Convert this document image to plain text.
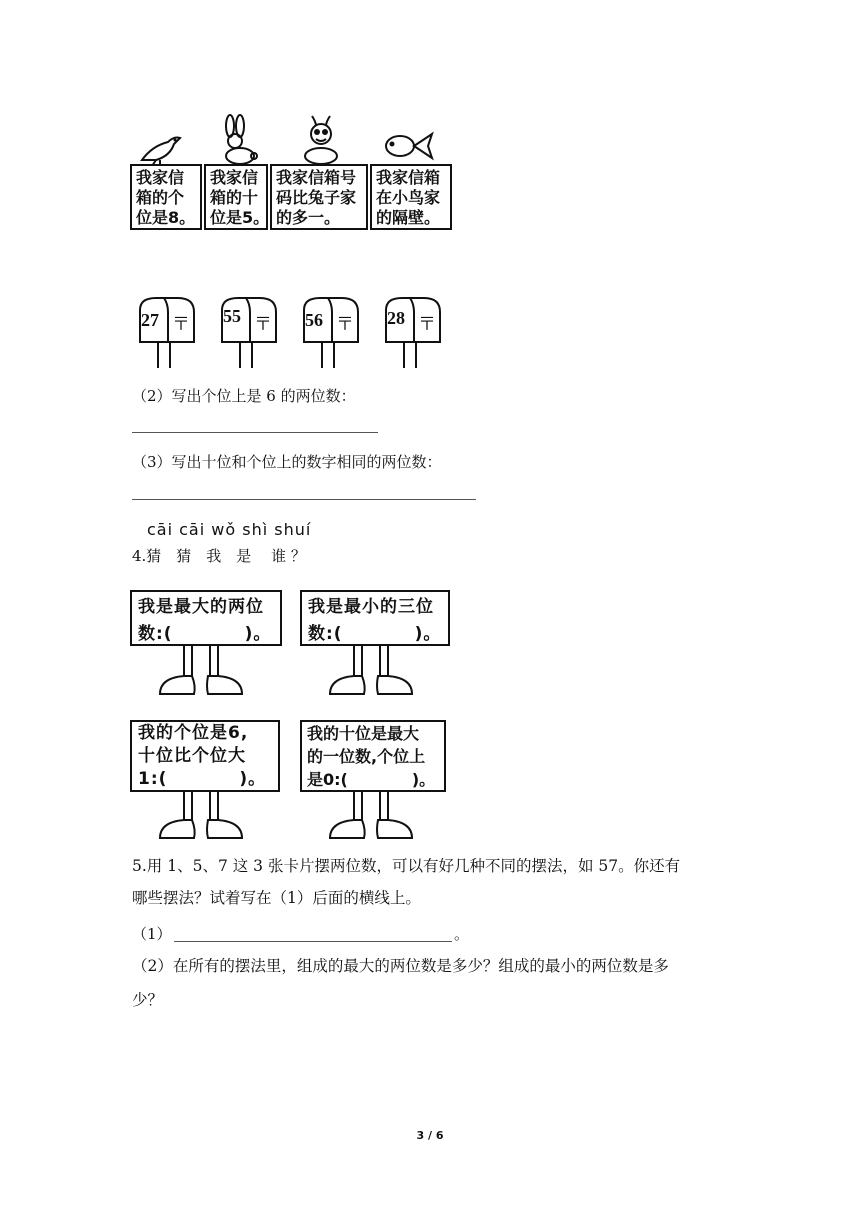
我家信
箱的个
位是8。
我家信
箱的十
位是5。
我家信箱号
码比兔子家
的多一。
我家信箱
在小鸟家
的隔壁。
27 〒 55 〒 56 〒 28 〒
（2）写出个位上是 6 的两位数：
（3）写出十位和个位上的数字相同的两位数：
cāi cāi wǒ shì shuí
4.猜　猜　我　是　 谁 ？
我是最大的两位
数:(　　　　)。
我是最小的三位
数:(　　　　)。
我的个位是6,
十位比个位大
1:(　　　　)。
我的十位是最大
的一位数,个位上
是0:(　　　　)。
5.用 1、5、7 这 3 张卡片摆两位数，可以有好几种不同的摆法，如 57。你还有
哪些摆法？试着写在（1）后面的横线上。
（1）	。
（2）在所有的摆法里，组成的最大的两位数是多少？组成的最小的两位数是多
少？
3 / 6
